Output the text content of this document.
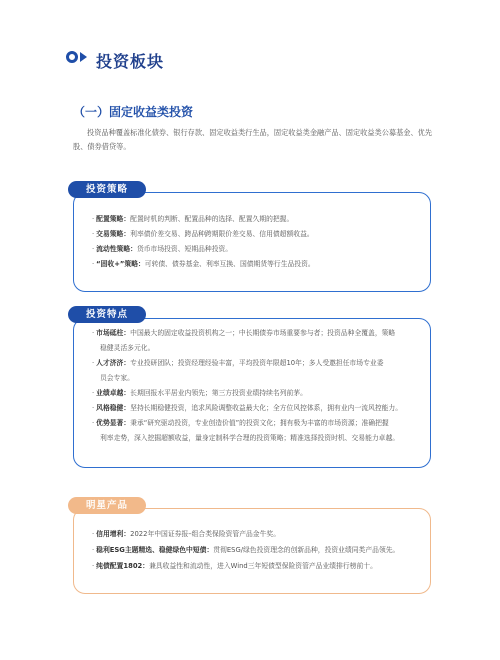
投资板块
（一）固定收益类投资
投资品种覆盖标准化债券、银行存款、固定收益类行生品，固定收益类金融产品、固定收益类公募基金、优先股、债券借贷等。
投资策略
· 配置策略：配置时机的判断、配置品种的选择、配置久期的把握。
· 交易策略：利率债价差交易、跨品种跨期限价差交易、信用债超额收益。
· 流动性策略：货币市场投资、短期品种投资。
· “固收+”策略：可转债、债券基金、利率互换、国债期货等行生品投资。
投资特点
· 市场砥柱：中国最大的固定收益投资机构之一；中长期债券市场重要参与者；投资品种全覆盖，策略
稳健灵活多元化。
· 人才济济：专业投研团队；投资经理经验丰富，平均投资年限超10年；多人受邀担任市场专业委
员会专家。
· 业绩卓越：长期回报水平居业内领先；第三方投资业绩持续名列前茅。
· 风格稳健：坚持长期稳健投资，追求风险调整收益最大化；全方位风控体系，拥有业内一流风控能力。
· 优势显著：秉承“研究驱动投资，专业创造价值”的投资文化；拥有极为丰富的市场资源；准确把握
利率走势，深入挖掘超额收益，量身定制科学合理的投资策略；精准选择投资时机、交易能力卓越。
明星产品
· 信用增利：2022年中国证券报–组合类保险资管产品金牛奖。
· 稳利ESG主题精选、稳健绿色中短债：贯彻ESG/绿色投资理念的创新品种，投资业绩同类产品领先。
· 纯债配置1802：兼具收益性和流动性，进入Wind三年短债型保险资管产品业绩排行榜前十。
